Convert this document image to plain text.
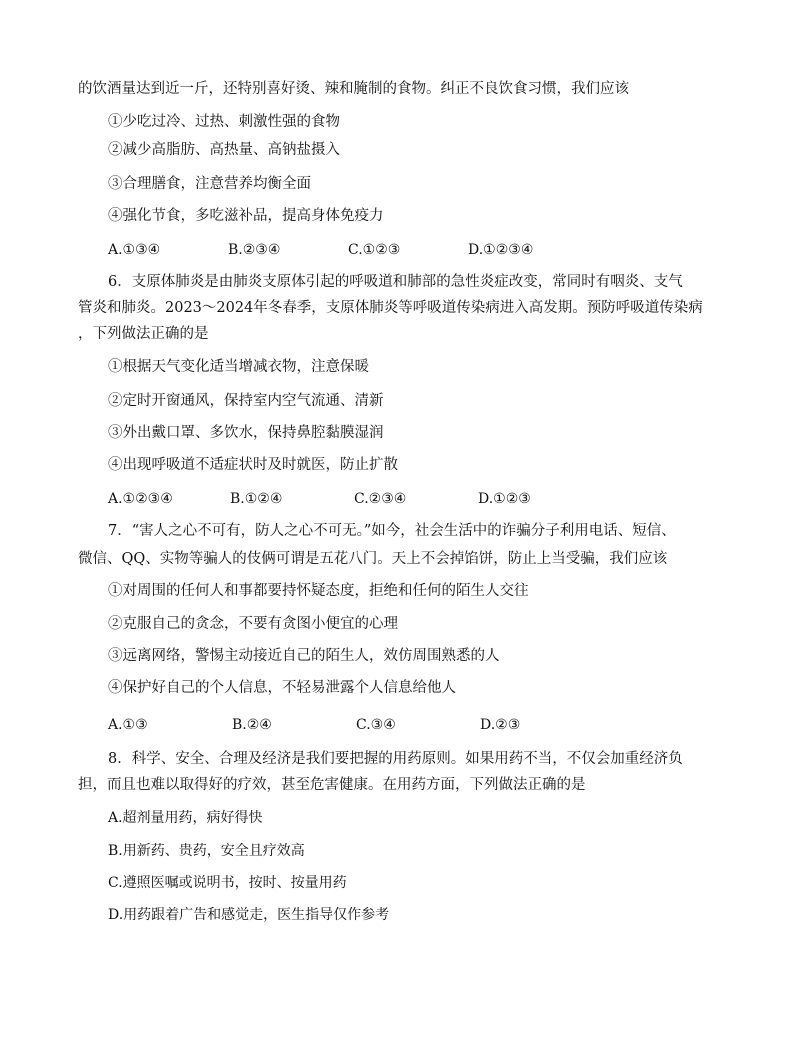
的饮酒量达到近一斤，还特别喜好烫、辣和腌制的食物。纠正不良饮食习惯，我们应该
①少吃过冷、过热、刺激性强的食物
②减少高脂肪、高热量、高钠盐摄入
③合理膳食，注意营养均衡全面
④强化节食，多吃滋补品，提高身体免疫力
A.①③④	B.②③④	C.①②③	D.①②③④
6．支原体肺炎是由肺炎支原体引起的呼吸道和肺部的急性炎症改变，常同时有咽炎、支气
管炎和肺炎。2023～2024年冬春季，支原体肺炎等呼吸道传染病进入高发期。预防呼吸道传染病
，下列做法正确的是
①根据天气变化适当增减衣物，注意保暖
②定时开窗通风，保持室内空气流通、清新
③外出戴口罩、多饮水，保持鼻腔黏膜湿润
④出现呼吸道不适症状时及时就医，防止扩散
A.①②③④	B.①②④	C.②③④	D.①②③
7．“害人之心不可有，防人之心不可无。”如今，社会生活中的诈骗分子利用电话、短信、
微信、QQ、实物等骗人的伎俩可谓是五花八门。天上不会掉馅饼，防止上当受骗，我们应该
①对周围的任何人和事都要持怀疑态度，拒绝和任何的陌生人交往
②克服自己的贪念，不要有贪图小便宜的心理
③远离网络，警惕主动接近自己的陌生人，效仿周围熟悉的人
④保护好自己的个人信息，不轻易泄露个人信息给他人
A.①③	B.②④	C.③④	D.②③
8．科学、安全、合理及经济是我们要把握的用药原则。如果用药不当，不仅会加重经济负
担，而且也难以取得好的疗效，甚至危害健康。在用药方面，下列做法正确的是
A.超剂量用药，病好得快
B.用新药、贵药，安全且疗效高
C.遵照医嘱或说明书，按时、按量用药
D.用药跟着广告和感觉走，医生指导仅作参考
